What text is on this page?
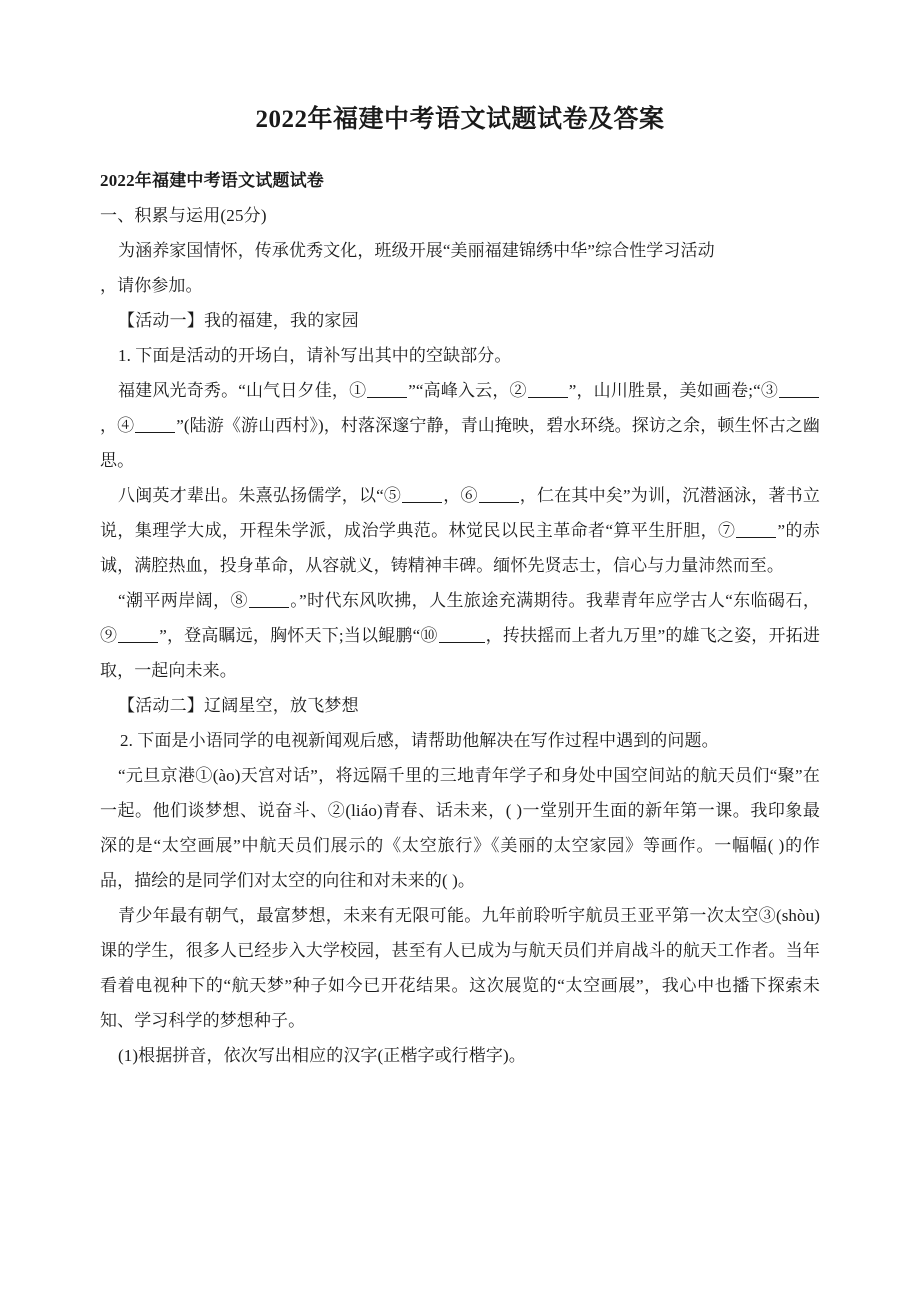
2022年福建中考语文试题试卷及答案
2022年福建中考语文试题试卷

一、积累与运用(25分)

为涵养家国情怀，传承优秀文化，班级开展“美丽福建锦绣中华”综合性学习活动

，请你参加。

【活动一】我的福建，我的家园

1. 下面是活动的开场白，请补写出其中的空缺部分。

福建风光奇秀。“山气日夕佳，① ”“高峰入云，② ”，山川胜景，美如画卷;“③，④ ”(陆游《游山西村》)，村落深邃宁静，青山掩映，碧水环绕。探访之余，顿生怀古之幽思。

八闽英才辈出。朱熹弘扬儒学，以“⑤ ，⑥ ，仁在其中矣”为训，沉潜涵泳，著书立说，集理学大成，开程朱学派，成治学典范。林觉民以民主革命者“算平生肝胆，⑦ ”的赤诚，满腔热血，投身革命，从容就义，铸精神丰碑。缅怀先贤志士，信心与力量沛然而至。

“潮平两岸阔，⑧ 。”时代东风吹拂，人生旅途充满期待。我辈青年应学古人“东临碣石，⑨ ”，登高瞩远，胸怀天下;当以鲲鹏“⑩	，抟扶摇而上者九万里”的雄飞之姿，开拓进取，一起向未来。

【活动二】辽阔星空，放飞梦想

2. 下面是小语同学的电视新闻观后感，请帮助他解决在写作过程中遇到的问题。

“元旦京港①(ào)天宫对话”，将远隔千里的三地青年学子和身处中国空间站的航天员们“聚”在一起。他们谈梦想、说奋斗、②(liáo)青春、话未来，( )一堂别开生面的新年第一课。我印象最深的是“太空画展”中航天员们展示的《太空旅行》《美丽的太空家园》等画作。一幅幅( )的作品，描绘的是同学们对太空的向往和对未来的( )。

青少年最有朝气，最富梦想，未来有无限可能。九年前聆听宇航员王亚平第一次太空③(shòu)课的学生，很多人已经步入大学校园，甚至有人已成为与航天员们并肩战斗的航天工作者。当年看着电视种下的“航天梦”种子如今已开花结果。这次展览的“太空画展”，我心中也播下探索未知、学习科学的梦想种子。

(1)根据拼音，依次写出相应的汉字(正楷字或行楷字)。
